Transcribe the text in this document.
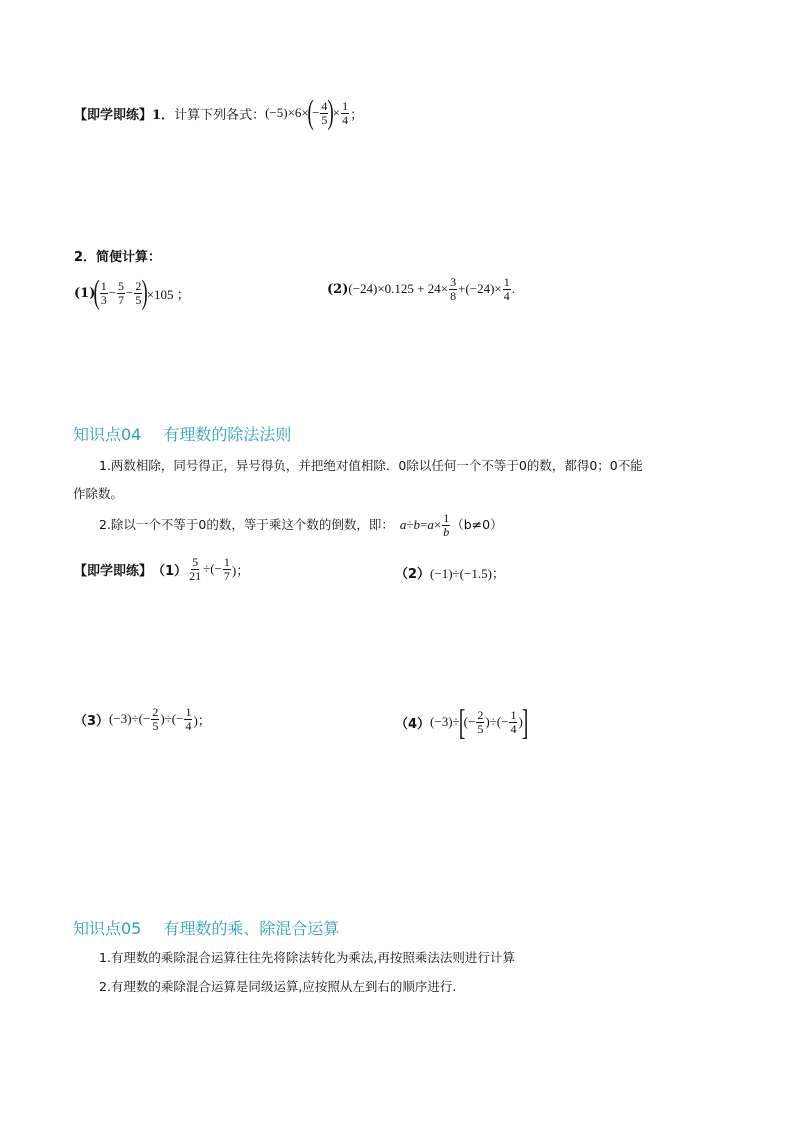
【即学即练】 1． 计算下列各式： (−5)×6×
(
− $\frac{4}{5}$ )
× $\frac{1}{4}$ ；
2．简便计算：
(1)
( $\frac{1}{3} - \frac{5}{7} - \frac{2}{5}$ )
×105 ；	(2) $(-24)\times 0.125 + 24\times \frac{3}{8} +(-24)\times \frac{1}{4}$ .
知识点04 有理数的除法法则
1.两数相除，同号得正，异号得负，并把绝对值相除．0除以任何一个不等于0的数，都得0；0不能
作除数。
2.除以一个不等于0的数，等于乘这个数的倒数，即： $a \div b = a \times \frac{1}{b} (b\ne 0)$
【即学即练】 $(1) \frac{5}{21}$ ÷(− $\frac{1}{7}$ )；	（2） (−1)÷(−1.5)；
（3） $(-3)\div(- \frac{2}{5}$ )÷(− $\frac{1}{4}$ )；	（4） (−3)÷
[
(− $\frac{2}{5}$ )÷(− $\frac{1}{4}$ )
]
知识点05 有理数的乘、除混合运算
1.有理数的乘除混合运算往往先将除法转化为乘法,再按照乘法法则进行计算
2.有理数的乘除混合运算是同级运算,应按照从左到右的顺序进行.
